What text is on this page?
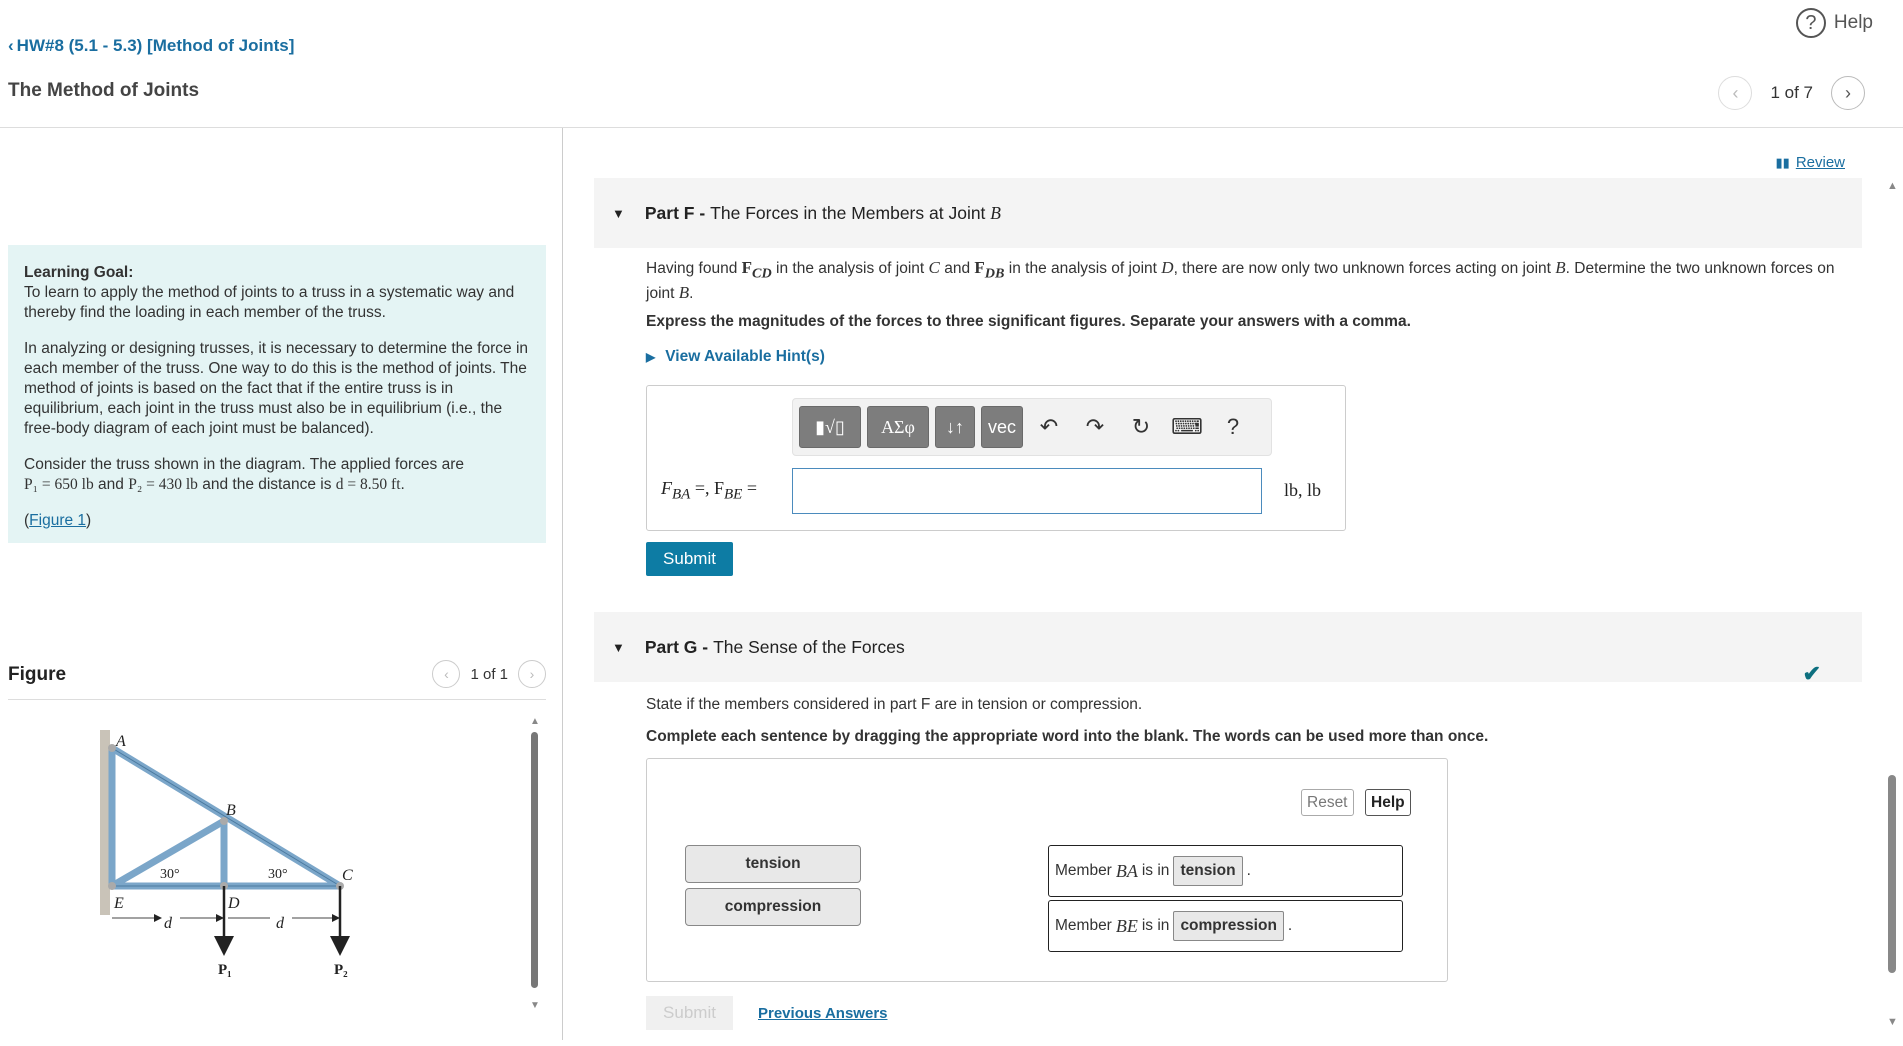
‹ HW#8 (5.1 - 5.3) [Method of Joints]
The Method of Joints
? Help
‹ 1 of 7 ›

Learning Goal:
To learn to apply the method of joints to a truss in a systematic way and thereby find the loading in each member of the truss.

In analyzing or designing trusses, it is necessary to determine the force in each member of the truss. One way to do this is the method of joints. The method of joints is based on the fact that if the entire truss is in equilibrium, each joint in the truss must also be in equilibrium (i.e., the free-body diagram of each joint must be balanced).

Consider the truss shown in the diagram. The applied forces are
P₁ = 650 lb and P₂ = 430 lb and the distance is d = 8.50 ft.

(Figure 1)

Figure	‹ 1 of 1 ›
A
B
C
D
E
d	d
30°	30°
P₁	P₂
▲
▼
▮▮ Review
▼ Part F - The Forces in the Members at Joint
B
Having found $F_{CD}$ in the analysis of joint C and $F_{DB}$ in the analysis of joint D, there are now only two unknown forces acting on joint B. Determine the two unknown forces on joint B.
Express the magnitudes of the forces to three significant figures. Separate your answers with a comma.
▶ View Available Hint(s)
▮√▯	ΑΣφ	↓↑	vec	↶	↷	↻ ⌨	?
$F_{BA}$ =, $F_{BE}$ =	lb, lb
Submit
▼ Part G - The Sense of the Forces
✔
State if the members considered in part F are in tension or compression.
Complete each sentence by dragging the appropriate word into the blank. The words can be used more than once.
Reset	Help
tension
compression
Member BA is in tension .
Member BE is in compression .
Submit	Previous Answers
▲
▼
